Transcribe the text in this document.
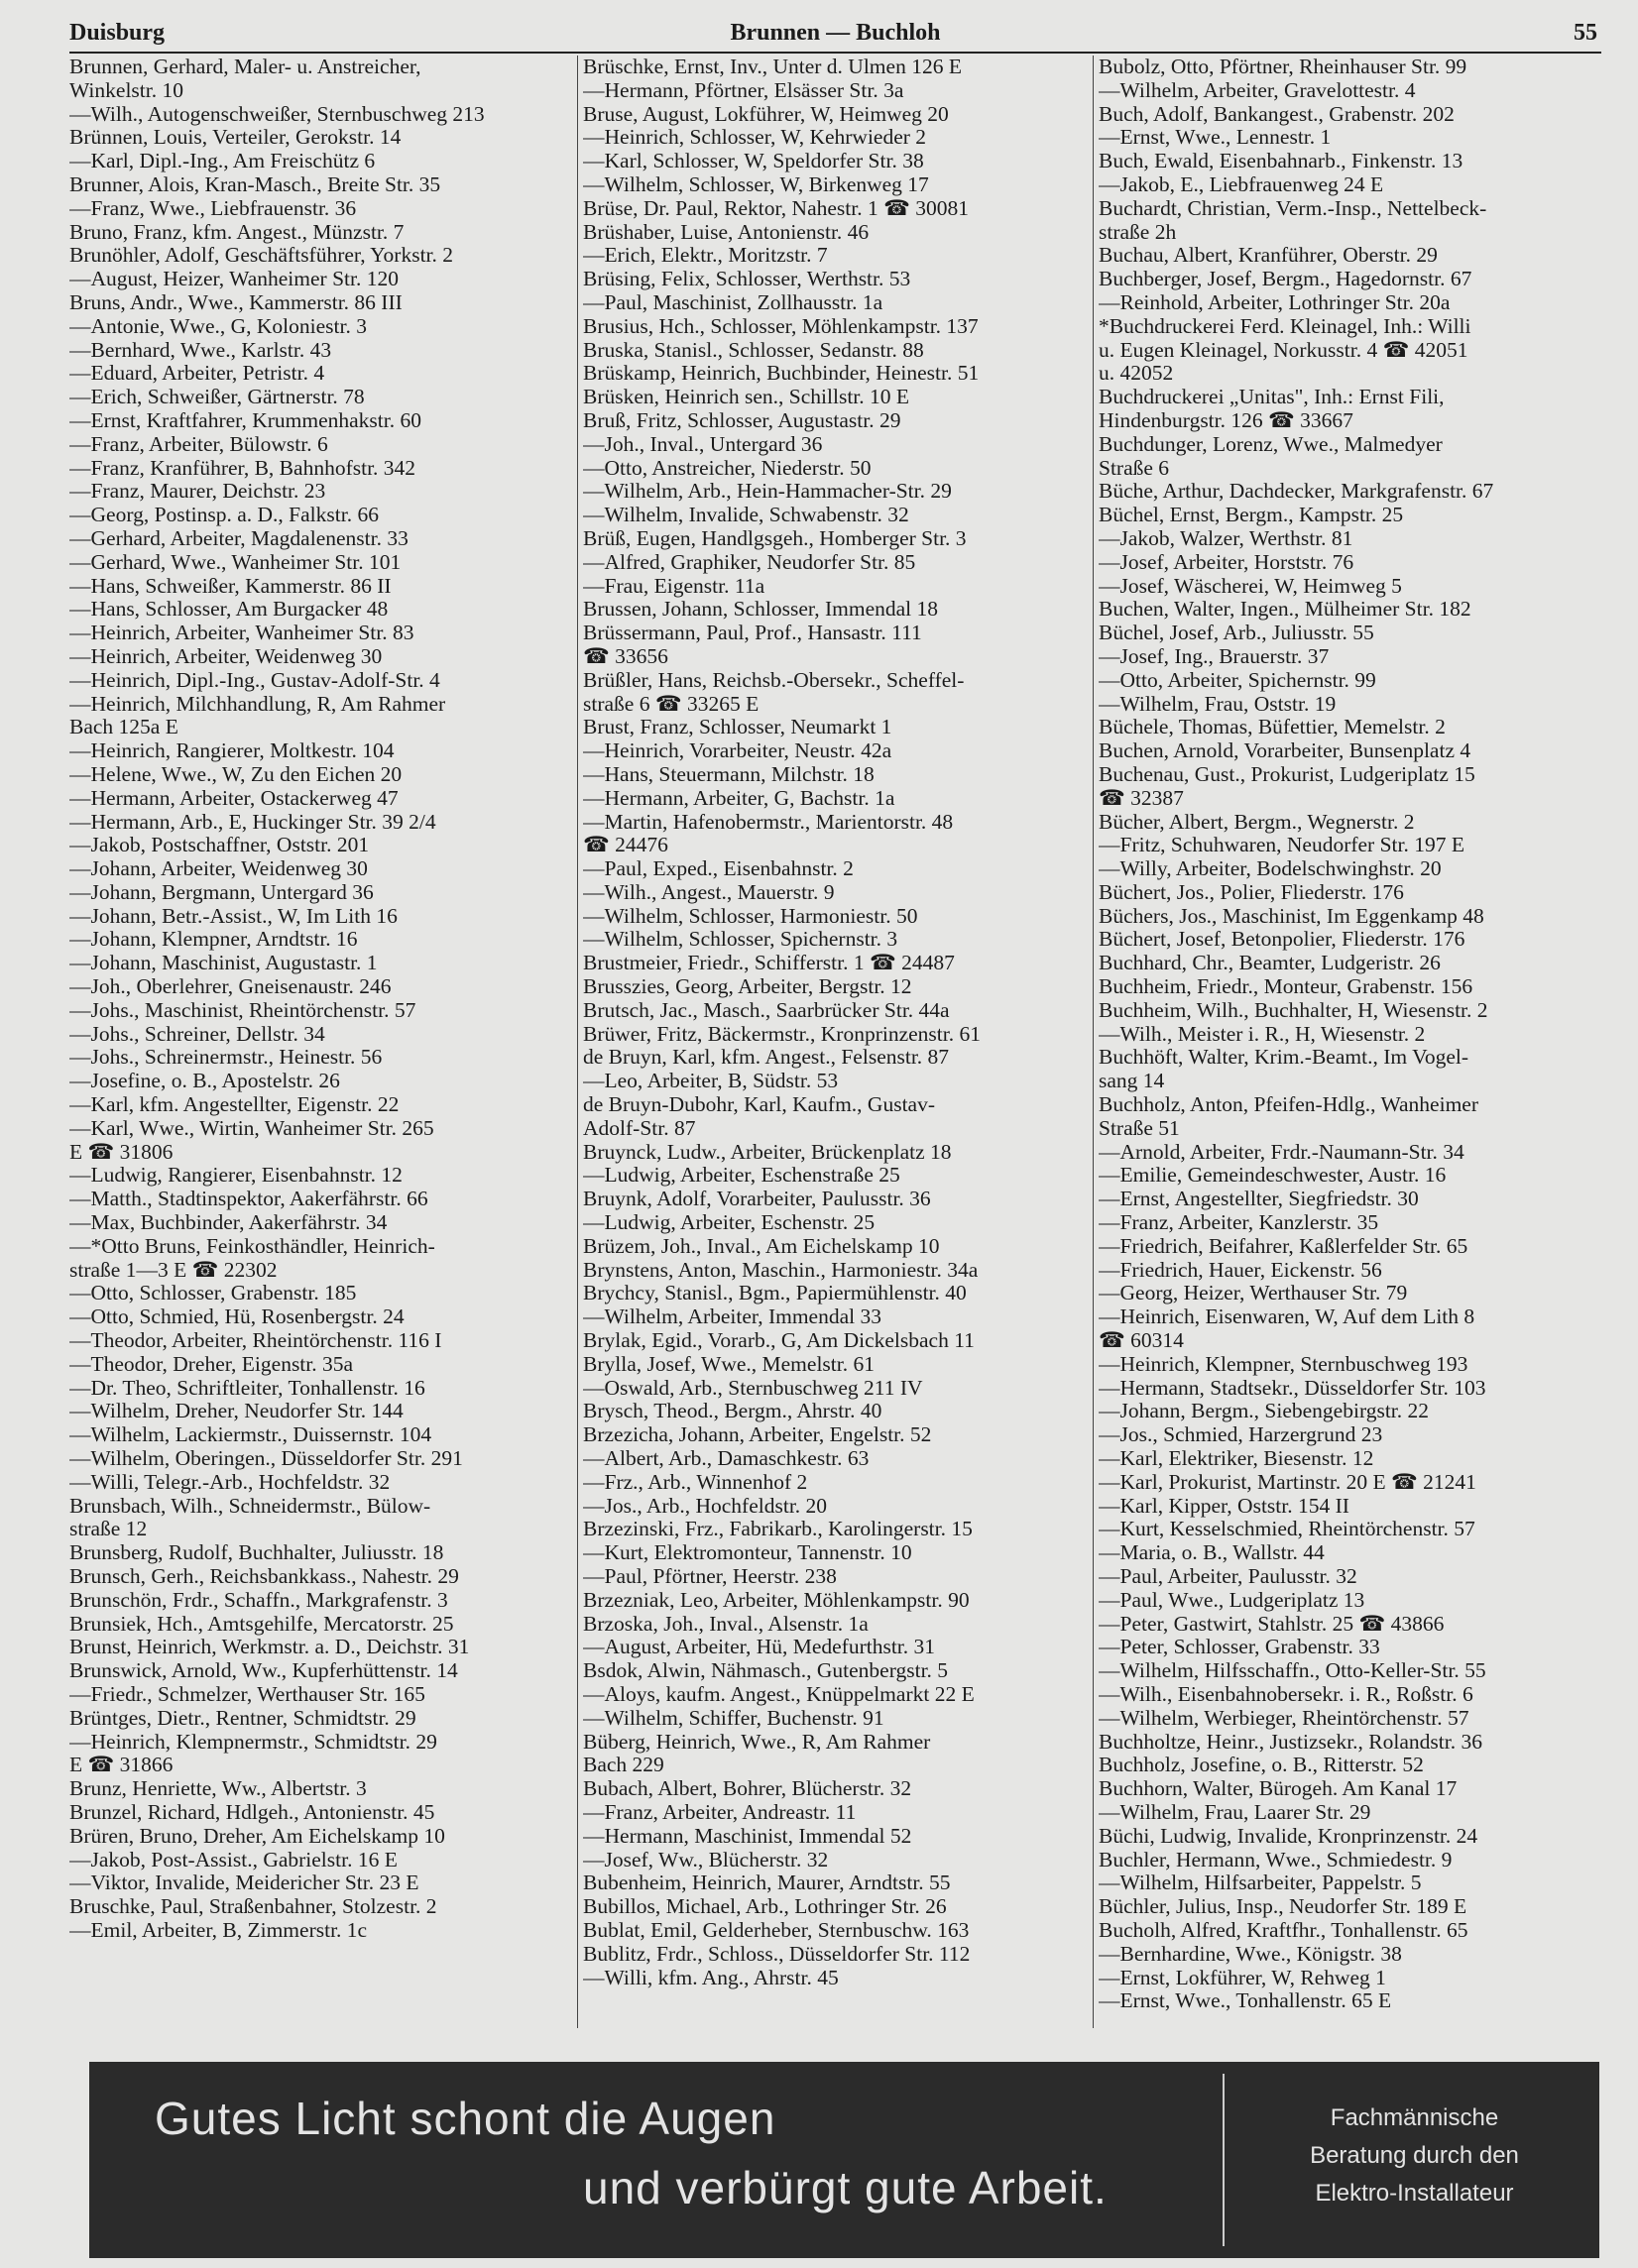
Duisburg	Brunnen — Buchloh	55
Brunnen, Gerhard, Maler- u. Anstreicher,
Winkelstr. 10
—Wilh., Autogenschweißer, Sternbuschweg 213
Brünnen, Louis, Verteiler, Gerokstr. 14
—Karl, Dipl.-Ing., Am Freischütz 6
Brunner, Alois, Kran-Masch., Breite Str. 35
—Franz, Wwe., Liebfrauenstr. 36
Bruno, Franz, kfm. Angest., Münzstr. 7
Brunöhler, Adolf, Geschäftsführer, Yorkstr. 2
—August, Heizer, Wanheimer Str. 120
Bruns, Andr., Wwe., Kammerstr. 86 III
—Antonie, Wwe., G, Koloniestr. 3
—Bernhard, Wwe., Karlstr. 43
—Eduard, Arbeiter, Petristr. 4
—Erich, Schweißer, Gärtnerstr. 78
—Ernst, Kraftfahrer, Krummenhakstr. 60
—Franz, Arbeiter, Bülowstr. 6
—Franz, Kranführer, B, Bahnhofstr. 342
—Franz, Maurer, Deichstr. 23
—Georg, Postinsp. a. D., Falkstr. 66
—Gerhard, Arbeiter, Magdalenenstr. 33
—Gerhard, Wwe., Wanheimer Str. 101
—Hans, Schweißer, Kammerstr. 86 II
—Hans, Schlosser, Am Burgacker 48
—Heinrich, Arbeiter, Wanheimer Str. 83
—Heinrich, Arbeiter, Weidenweg 30
—Heinrich, Dipl.-Ing., Gustav-Adolf-Str. 4
—Heinrich, Milchhandlung, R, Am Rahmer
Bach 125a E
—Heinrich, Rangierer, Moltkestr. 104
—Helene, Wwe., W, Zu den Eichen 20
—Hermann, Arbeiter, Ostackerweg 47
—Hermann, Arb., E, Huckinger Str. 39 2/4
—Jakob, Postschaffner, Oststr. 201
—Johann, Arbeiter, Weidenweg 30
—Johann, Bergmann, Untergard 36
—Johann, Betr.-Assist., W, Im Lith 16
—Johann, Klempner, Arndtstr. 16
—Johann, Maschinist, Augustastr. 1
—Joh., Oberlehrer, Gneisenaustr. 246
—Johs., Maschinist, Rheintörchenstr. 57
—Johs., Schreiner, Dellstr. 34
—Johs., Schreinermstr., Heinestr. 56
—Josefine, o. B., Apostelstr. 26
—Karl, kfm. Angestellter, Eigenstr. 22
—Karl, Wwe., Wirtin, Wanheimer Str. 265
E ☎ 31806
—Ludwig, Rangierer, Eisenbahnstr. 12
—Matth., Stadtinspektor, Aakerfährstr. 66
—Max, Buchbinder, Aakerfährstr. 34
—*Otto Bruns, Feinkosthändler, Heinrich-
straße 1—3 E ☎ 22302
—Otto, Schlosser, Grabenstr. 185
—Otto, Schmied, Hü, Rosenbergstr. 24
—Theodor, Arbeiter, Rheintörchenstr. 116 I
—Theodor, Dreher, Eigenstr. 35a
—Dr. Theo, Schriftleiter, Tonhallenstr. 16
—Wilhelm, Dreher, Neudorfer Str. 144
—Wilhelm, Lackiermstr., Duissernstr. 104
—Wilhelm, Oberingen., Düsseldorfer Str. 291
—Willi, Telegr.-Arb., Hochfeldstr. 32
Brunsbach, Wilh., Schneidermstr., Bülow-
straße 12
Brunsberg, Rudolf, Buchhalter, Juliusstr. 18
Brunsch, Gerh., Reichsbankkass., Nahestr. 29
Brunschön, Frdr., Schaffn., Markgrafenstr. 3
Brunsiek, Hch., Amtsgehilfe, Mercatorstr. 25
Brunst, Heinrich, Werkmstr. a. D., Deichstr. 31
Brunswick, Arnold, Ww., Kupferhüttenstr. 14
—Friedr., Schmelzer, Werthauser Str. 165
Brüntges, Dietr., Rentner, Schmidtstr. 29
—Heinrich, Klempnermstr., Schmidtstr. 29
E ☎ 31866
Brunz, Henriette, Ww., Albertstr. 3
Brunzel, Richard, Hdlgeh., Antonienstr. 45
Brüren, Bruno, Dreher, Am Eichelskamp 10
—Jakob, Post-Assist., Gabrielstr. 16 E
—Viktor, Invalide, Meidericher Str. 23 E
Bruschke, Paul, Straßenbahner, Stolzestr. 2
—Emil, Arbeiter, B, Zimmerstr. 1c
Brüschke, Ernst, Inv., Unter d. Ulmen 126 E
—Hermann, Pförtner, Elsässer Str. 3a
Bruse, August, Lokführer, W, Heimweg 20
—Heinrich, Schlosser, W, Kehrwieder 2
—Karl, Schlosser, W, Speldorfer Str. 38
—Wilhelm, Schlosser, W, Birkenweg 17
Brüse, Dr. Paul, Rektor, Nahestr. 1 ☎ 30081
Brüshaber, Luise, Antonienstr. 46
—Erich, Elektr., Moritzstr. 7
Brüsing, Felix, Schlosser, Werthstr. 53
—Paul, Maschinist, Zollhausstr. 1a
Brusius, Hch., Schlosser, Möhlenkampstr. 137
Bruska, Stanisl., Schlosser, Sedanstr. 88
Brüskamp, Heinrich, Buchbinder, Heinestr. 51
Brüsken, Heinrich sen., Schillstr. 10 E
Bruß, Fritz, Schlosser, Augustastr. 29
—Joh., Inval., Untergard 36
—Otto, Anstreicher, Niederstr. 50
—Wilhelm, Arb., Hein-Hammacher-Str. 29
—Wilhelm, Invalide, Schwabenstr. 32
Brüß, Eugen, Handlgsgeh., Homberger Str. 3
—Alfred, Graphiker, Neudorfer Str. 85
—Frau, Eigenstr. 11a
Brussen, Johann, Schlosser, Immendal 18
Brüssermann, Paul, Prof., Hansastr. 111
☎ 33656
Brüßler, Hans, Reichsb.-Obersekr., Scheffel-
straße 6 ☎ 33265 E
Brust, Franz, Schlosser, Neumarkt 1
—Heinrich, Vorarbeiter, Neustr. 42a
—Hans, Steuermann, Milchstr. 18
—Hermann, Arbeiter, G, Bachstr. 1a
—Martin, Hafenobermstr., Marientorstr. 48
☎ 24476
—Paul, Exped., Eisenbahnstr. 2
—Wilh., Angest., Mauerstr. 9
—Wilhelm, Schlosser, Harmoniestr. 50
—Wilhelm, Schlosser, Spichernstr. 3
Brustmeier, Friedr., Schifferstr. 1 ☎ 24487
Brusszies, Georg, Arbeiter, Bergstr. 12
Brutsch, Jac., Masch., Saarbrücker Str. 44a
Brüwer, Fritz, Bäckermstr., Kronprinzenstr. 61
de Bruyn, Karl, kfm. Angest., Felsenstr. 87
—Leo, Arbeiter, B, Südstr. 53
de Bruyn-Dubohr, Karl, Kaufm., Gustav-
Adolf-Str. 87
Bruynck, Ludw., Arbeiter, Brückenplatz 18
—Ludwig, Arbeiter, Eschenstraße 25
Bruynk, Adolf, Vorarbeiter, Paulusstr. 36
—Ludwig, Arbeiter, Eschenstr. 25
Brüzem, Joh., Inval., Am Eichelskamp 10
Brynstens, Anton, Maschin., Harmoniestr. 34a
Brychcy, Stanisl., Bgm., Papiermühlenstr. 40
—Wilhelm, Arbeiter, Immendal 33
Brylak, Egid., Vorarb., G, Am Dickelsbach 11
Brylla, Josef, Wwe., Memelstr. 61
—Oswald, Arb., Sternbuschweg 211 IV
Brysch, Theod., Bergm., Ahrstr. 40
Brzezicha, Johann, Arbeiter, Engelstr. 52
—Albert, Arb., Damaschkestr. 63
—Frz., Arb., Winnenhof 2
—Jos., Arb., Hochfeldstr. 20
Brzezinski, Frz., Fabrikarb., Karolingerstr. 15
—Kurt, Elektromonteur, Tannenstr. 10
—Paul, Pförtner, Heerstr. 238
Brzezniak, Leo, Arbeiter, Möhlenkampstr. 90
Brzoska, Joh., Inval., Alsenstr. 1a
—August, Arbeiter, Hü, Medefurthstr. 31
Bsdok, Alwin, Nähmasch., Gutenbergstr. 5
—Aloys, kaufm. Angest., Knüppelmarkt 22 E
—Wilhelm, Schiffer, Buchenstr. 91
Büberg, Heinrich, Wwe., R, Am Rahmer
Bach 229
Bubach, Albert, Bohrer, Blücherstr. 32
—Franz, Arbeiter, Andreastr. 11
—Hermann, Maschinist, Immendal 52
—Josef, Ww., Blücherstr. 32
Bubenheim, Heinrich, Maurer, Arndtstr. 55
Bubillos, Michael, Arb., Lothringer Str. 26
Bublat, Emil, Gelderheber, Sternbuschw. 163
Bublitz, Frdr., Schloss., Düsseldorfer Str. 112
—Willi, kfm. Ang., Ahrstr. 45
Bubolz, Otto, Pförtner, Rheinhauser Str. 99
—Wilhelm, Arbeiter, Gravelottestr. 4
Buch, Adolf, Bankangest., Grabenstr. 202
—Ernst, Wwe., Lennestr. 1
Buch, Ewald, Eisenbahnarb., Finkenstr. 13
—Jakob, E., Liebfrauenweg 24 E
Buchardt, Christian, Verm.-Insp., Nettelbeck-
straße 2h
Buchau, Albert, Kranführer, Oberstr. 29
Buchberger, Josef, Bergm., Hagedornstr. 67
—Reinhold, Arbeiter, Lothringer Str. 20a
*Buchdruckerei Ferd. Kleinagel, Inh.: Willi
u. Eugen Kleinagel, Norkusstr. 4 ☎ 42051
u. 42052
Buchdruckerei „Unitas", Inh.: Ernst Fili,
Hindenburgstr. 126 ☎ 33667
Buchdunger, Lorenz, Wwe., Malmedyer
Straße 6
Büche, Arthur, Dachdecker, Markgrafenstr. 67
Büchel, Ernst, Bergm., Kampstr. 25
—Jakob, Walzer, Werthstr. 81
—Josef, Arbeiter, Horststr. 76
—Josef, Wäscherei, W, Heimweg 5
Buchen, Walter, Ingen., Mülheimer Str. 182
Büchel, Josef, Arb., Juliusstr. 55
—Josef, Ing., Brauerstr. 37
—Otto, Arbeiter, Spichernstr. 99
—Wilhelm, Frau, Oststr. 19
Büchele, Thomas, Büfettier, Memelstr. 2
Buchen, Arnold, Vorarbeiter, Bunsenplatz 4
Buchenau, Gust., Prokurist, Ludgeriplatz 15
☎ 32387
Bücher, Albert, Bergm., Wegnerstr. 2
—Fritz, Schuhwaren, Neudorfer Str. 197 E
—Willy, Arbeiter, Bodelschwinghstr. 20
Büchert, Jos., Polier, Fliederstr. 176
Büchers, Jos., Maschinist, Im Eggenkamp 48
Büchert, Josef, Betonpolier, Fliederstr. 176
Buchhard, Chr., Beamter, Ludgeristr. 26
Buchheim, Friedr., Monteur, Grabenstr. 156
Buchheim, Wilh., Buchhalter, H, Wiesenstr. 2
—Wilh., Meister i. R., H, Wiesenstr. 2
Buchhöft, Walter, Krim.-Beamt., Im Vogel-
sang 14
Buchholz, Anton, Pfeifen-Hdlg., Wanheimer
Straße 51
—Arnold, Arbeiter, Frdr.-Naumann-Str. 34
—Emilie, Gemeindeschwester, Austr. 16
—Ernst, Angestellter, Siegfriedstr. 30
—Franz, Arbeiter, Kanzlerstr. 35
—Friedrich, Beifahrer, Kaßlerfelder Str. 65
—Friedrich, Hauer, Eickenstr. 56
—Georg, Heizer, Werthauser Str. 79
—Heinrich, Eisenwaren, W, Auf dem Lith 8
☎ 60314
—Heinrich, Klempner, Sternbuschweg 193
—Hermann, Stadtsekr., Düsseldorfer Str. 103
—Johann, Bergm., Siebengebirgstr. 22
—Jos., Schmied, Harzergrund 23
—Karl, Elektriker, Biesenstr. 12
—Karl, Prokurist, Martinstr. 20 E ☎ 21241
—Karl, Kipper, Oststr. 154 II
—Kurt, Kesselschmied, Rheintörchenstr. 57
—Maria, o. B., Wallstr. 44
—Paul, Arbeiter, Paulusstr. 32
—Paul, Wwe., Ludgeriplatz 13
—Peter, Gastwirt, Stahlstr. 25 ☎ 43866
—Peter, Schlosser, Grabenstr. 33
—Wilhelm, Hilfsschaffn., Otto-Keller-Str. 55
—Wilh., Eisenbahnobersekr. i. R., Roßstr. 6
—Wilhelm, Werbieger, Rheintörchenstr. 57
Buchholtze, Heinr., Justizsekr., Rolandstr. 36
Buchholz, Josefine, o. B., Ritterstr. 52
Buchhorn, Walter, Bürogeh. Am Kanal 17
—Wilhelm, Frau, Laarer Str. 29
Büchi, Ludwig, Invalide, Kronprinzenstr. 24
Buchler, Hermann, Wwe., Schmiedestr. 9
—Wilhelm, Hilfsarbeiter, Pappelstr. 5
Büchler, Julius, Insp., Neudorfer Str. 189 E
Bucholh, Alfred, Kraftfhr., Tonhallenstr. 65
—Bernhardine, Wwe., Königstr. 38
—Ernst, Lokführer, W, Rehweg 1
—Ernst, Wwe., Tonhallenstr. 65 E
Gutes Licht schont die Augen
und verbürgt gute Arbeit.
Fachmännische
Beratung durch den
Elektro-Installateur
